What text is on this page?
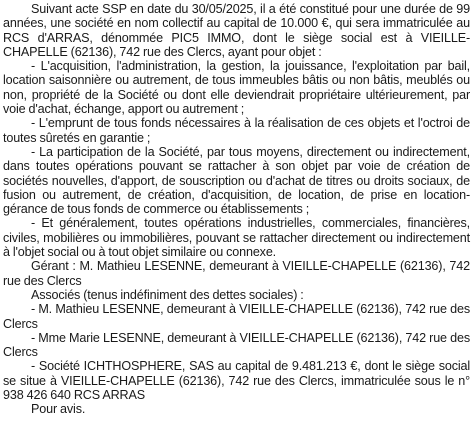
Suivant acte SSP en date du 30/05/2025, il a été constitué pour une durée de 99 années, une société en nom collectif au capital de 10.000 €, qui sera immatriculée au RCS d'ARRAS, dénommée PIC5 IMMO, dont le siège social est à VIEILLE-CHAPELLE (62136), 742 rue des Clercs, ayant pour objet :

- L'acquisition, l'administration, la gestion, la jouissance, l'exploitation par bail, location saisonnière ou autrement, de tous immeubles bâtis ou non bâtis, meublés ou non, propriété de la Société ou dont elle deviendrait propriétaire ultérieurement, par voie d'achat, échange, apport ou autrement ;

- L'emprunt de tous fonds nécessaires à la réalisation de ces objets et l'octroi de toutes sûretés en garantie ;

- La participation de la Société, par tous moyens, directement ou indirectement, dans toutes opérations pouvant se rattacher à son objet par voie de création de sociétés nouvelles, d'apport, de souscription ou d'achat de titres ou droits sociaux, de fusion ou autrement, de création, d'acquisition, de location, de prise en location-gérance de tous fonds de commerce ou établissements ;

- Et généralement, toutes opérations industrielles, commerciales, financières, civiles, mobilières ou immobilières, pouvant se rattacher directement ou indirectement à l'objet social ou à tout objet similaire ou connexe.

Gérant : M. Mathieu LESENNE, demeurant à VIEILLE-CHAPELLE (62136), 742 rue des Clercs

Associés (tenus indéfiniment des dettes sociales) :

- M. Mathieu LESENNE, demeurant à VIEILLE-CHAPELLE (62136), 742 rue des Clercs

- Mme Marie LESENNE, demeurant à VIEILLE-CHAPELLE (62136), 742 rue des Clercs

- Société ICHTHOSPHERE, SAS au capital de 9.481.213 €, dont le siège social se situe à VIEILLE-CHAPELLE (62136), 742 rue des Clercs, immatriculée sous le n° 938 426 640 RCS ARRAS

Pour avis.
